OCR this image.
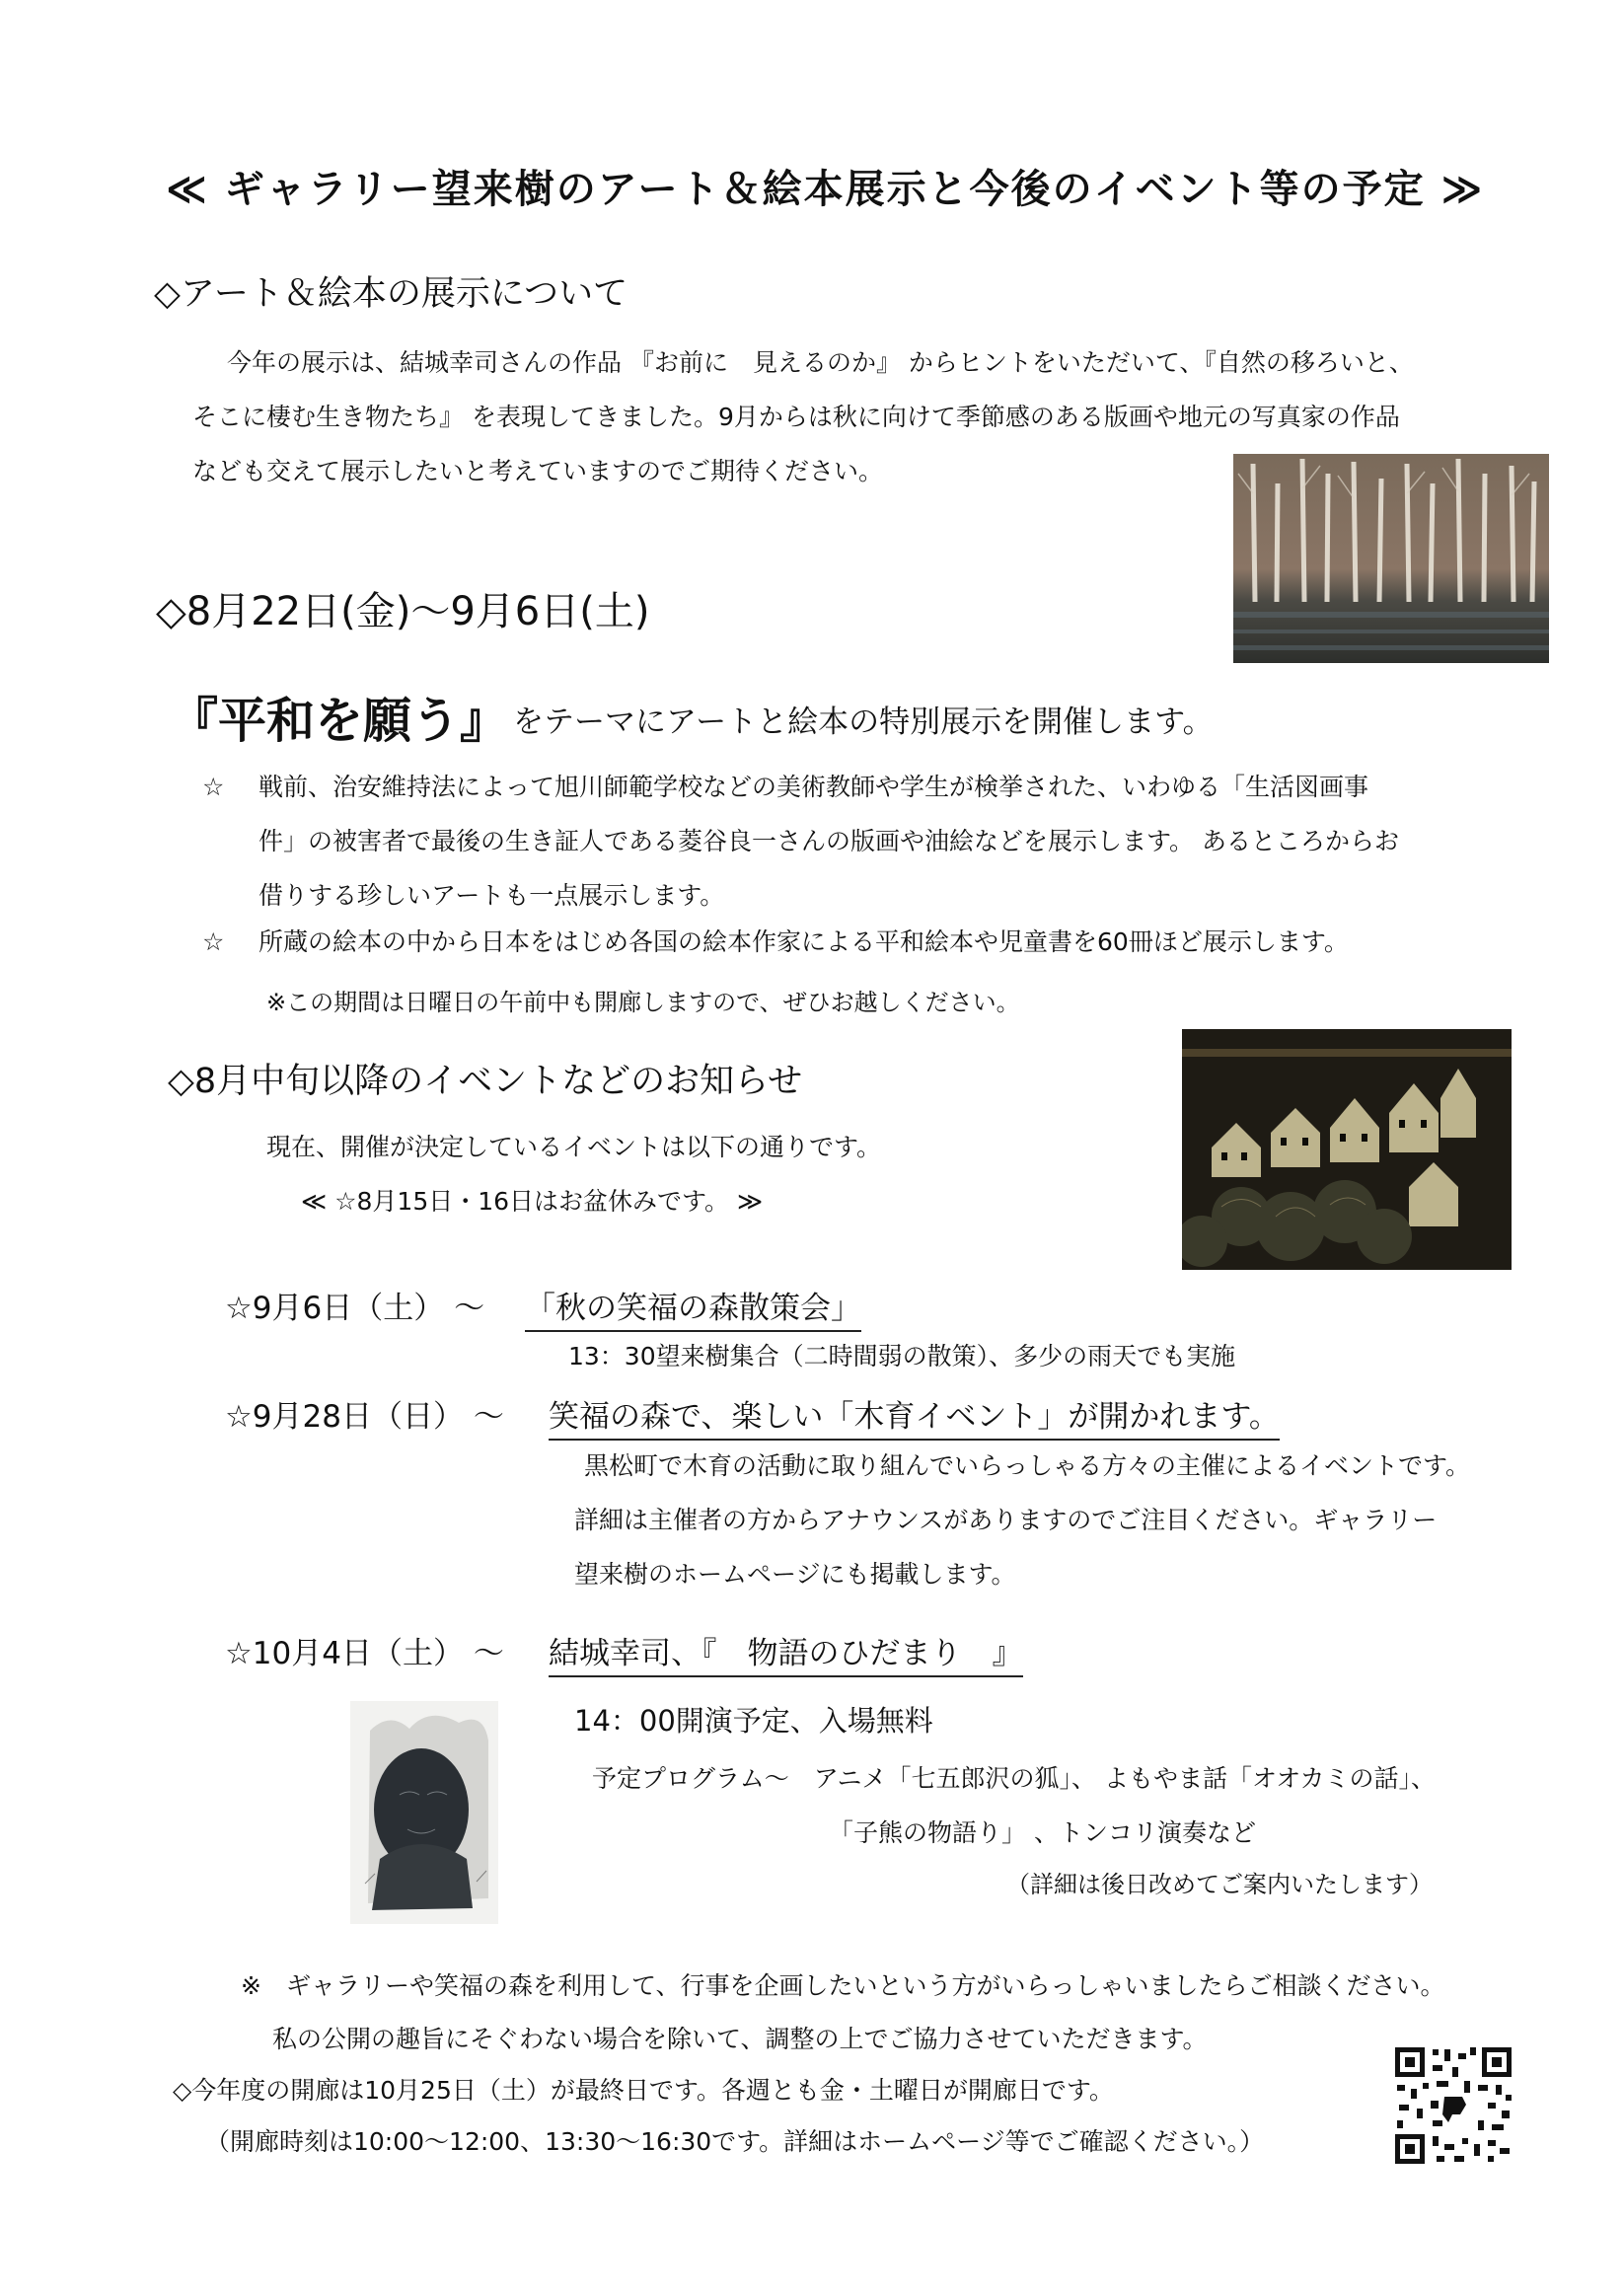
≪ ギャラリー望来樹のアート＆絵本展示と今後のイベント等の予定 ≫
◇アート＆絵本の展示について
今年の展示は、結城幸司さんの作品 『お前に　見えるのか』 からヒントをいただいて、『自然の移ろいと、
そこに棲む生き物たち』 を表現してきました。9月からは秋に向けて季節感のある版画や地元の写真家の作品
なども交えて展示したいと考えていますのでご期待ください。
◇8月22日(金)～9月6日(土)
『平和を願う』 をテーマにアートと絵本の特別展示を開催します。
☆ 戦前、治安維持法によって旭川師範学校などの美術教師や学生が検挙された、いわゆる「生活図画事
件」の被害者で最後の生き証人である菱谷良一さんの版画や油絵などを展示します。 あるところからお
借りする珍しいアートも一点展示します。
☆ 所蔵の絵本の中から日本をはじめ各国の絵本作家による平和絵本や児童書を60冊ほど展示します。
※この期間は日曜日の午前中も開廊しますので、ぜひお越しください。
◇8月中旬以降のイベントなどのお知らせ
現在、開催が決定しているイベントは以下の通りです。
≪ ☆8月15日・16日はお盆休みです。 ≫
☆9月6日（土） ～ 「秋の笑福の森散策会」
13：30望来樹集合（二時間弱の散策）、多少の雨天でも実施
☆9月28日（日） ～ 笑福の森で、楽しい「木育イベント」が開かれます。
黒松町で木育の活動に取り組んでいらっしゃる方々の主催によるイベントです。
詳細は主催者の方からアナウンスがありますのでご注目ください。ギャラリー
望来樹のホームページにも掲載します。
☆10月4日（土） ～ 結城幸司、『　物語のひだまり　』
14：00開演予定、入場無料
予定プログラム～　アニメ「七五郎沢の狐」、 よもやま話「オオカミの話」、
「子熊の物語り」 、トンコリ演奏など
（詳細は後日改めてご案内いたします）
※　ギャラリーや笑福の森を利用して、行事を企画したいという方がいらっしゃいましたらご相談ください。
私の公開の趣旨にそぐわない場合を除いて、調整の上でご協力させていただきます。
◇今年度の開廊は10月25日（土）が最終日です。各週とも金・土曜日が開廊日です。
（開廊時刻は10:00～12:00、13:30～16:30です。詳細はホームページ等でご確認ください。）
